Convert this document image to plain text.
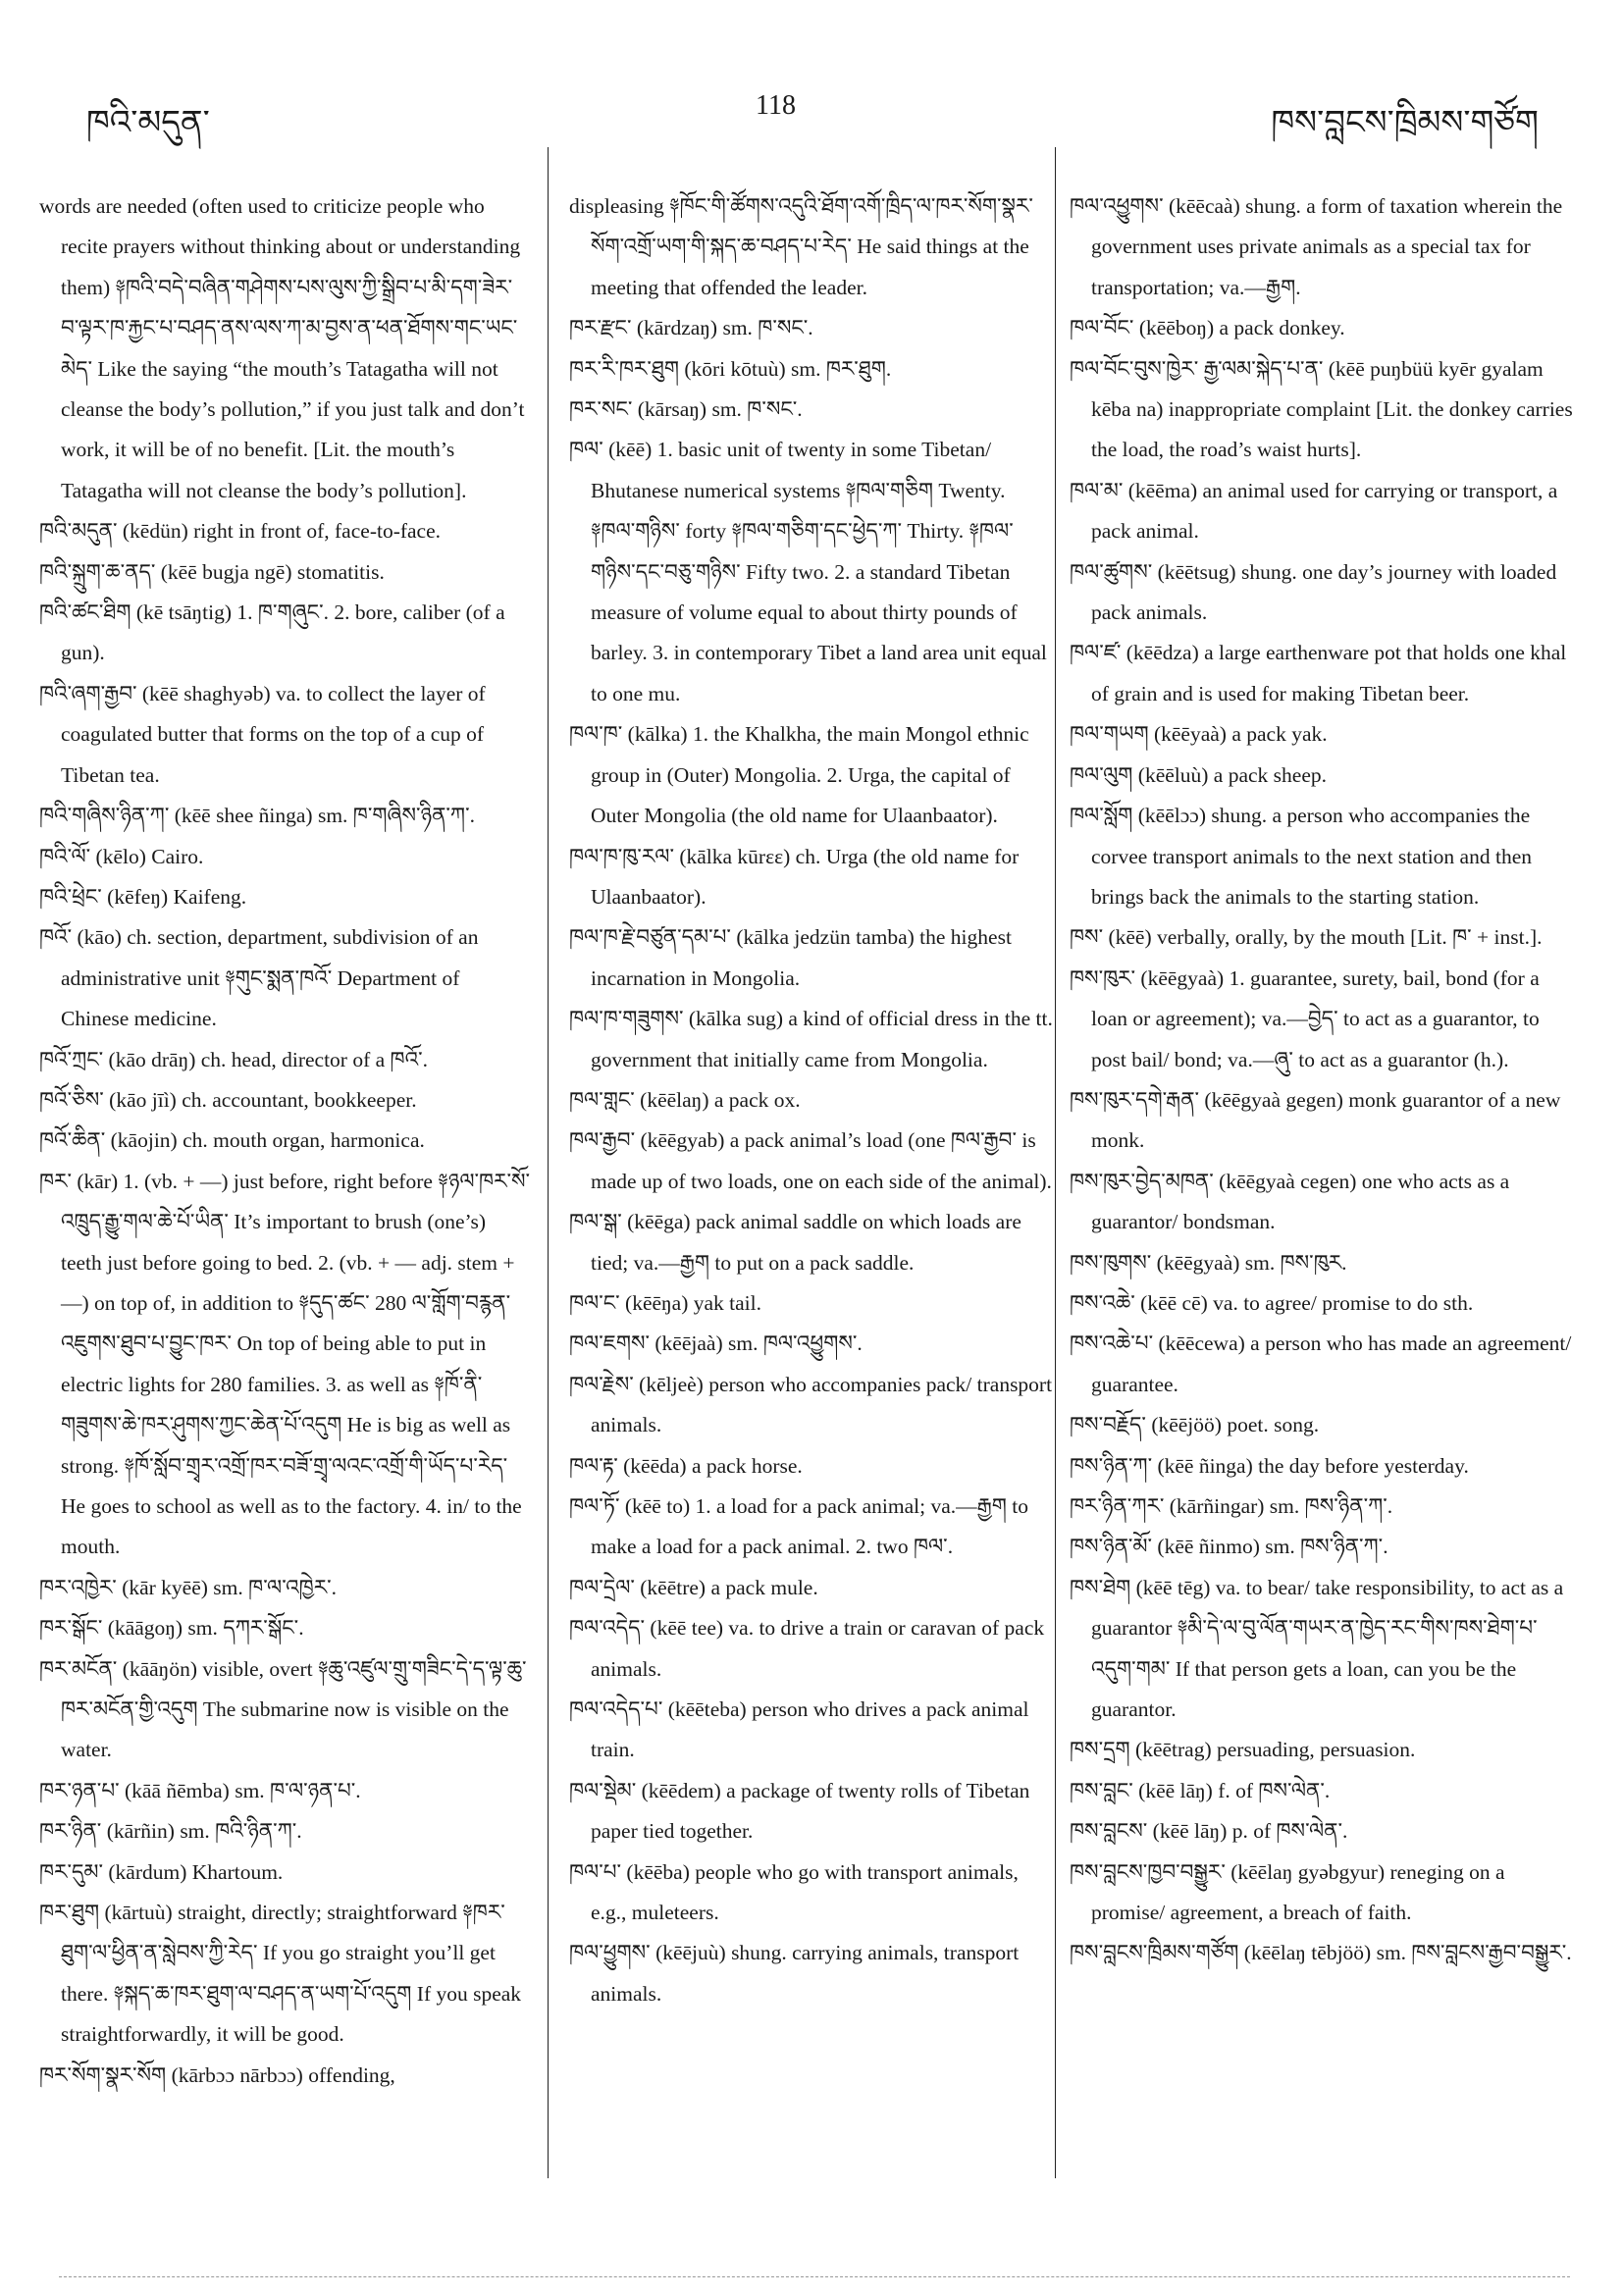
ཁའི་མདུན་	118	ཁས་བླངས་ཁྲིམས་གཙོག

words are needed (often used to criticize people who recite prayers without thinking about or understanding them) ༈ཁའི་བདེ་བཞིན་གཤེགས་པས་ལུས་ཀྱི་སྒྲིབ་པ་མི་དག་ཟེར་བ་ལྟར་ཁ་རྐྱང་པ་བཤད་ནས་ལས་ཀ་མ་བྱས་ན་ཕན་ཐོགས་གང་ཡང་མེད་ Like the saying “the mouth’s Tatagatha will not cleanse the body’s pollution,” if you just talk and don’t work, it will be of no benefit. [Lit. the mouth’s Tatagatha will not cleanse the body’s pollution].

ཁའི་མདུན་ (kēdün) right in front of, face-to-face.

ཁའི་སྐྲུག་ཆ་ནད་ (kēē bugja ngē) stomatitis.

ཁའི་ཚང་ཐིག (kē tsāŋtig) 1. ཁ་གཞུང་. 2. bore, caliber (of a gun).

ཁའི་ཞག་རྒྱབ་ (kēē shaghyəb) va. to collect the layer of coagulated butter that forms on the top of a cup of Tibetan tea.

ཁའི་གཞིས་ཉིན་ཀ་ (kēē shee ñinga) sm. ཁ་གཞིས་ཉིན་ཀ་.

ཁའི་ལོ་ (kēlo) Cairo.

ཁའི་ཕྲེང་ (kēfeŋ) Kaifeng.

ཁའོ་ (kāo) ch. section, department, subdivision of an administrative unit ༈གུང་སྨན་ཁའོ་ Department of Chinese medicine.

ཁའོ་ཀྲང་ (kāo drāŋ) ch. head, director of a ཁའོ་.

ཁའོ་ཅིས་ (kāo jīì) ch. accountant, bookkeeper.

ཁའོ་ཆིན་ (kāojin) ch. mouth organ, harmonica.

ཁར་ (kār) 1. (vb. + —) just before, right before ༈ཉལ་ཁར་སོ་འཁྲུད་རྒྱུ་གལ་ཆེ་པོ་ཡིན་ It’s important to brush (one’s) teeth just before going to bed. 2. (vb. + — adj. stem + —) on top of, in addition to ༈དུད་ཚང་ 280 ལ་གློག་བརྙན་འཇུགས་ཐུབ་པ་བྱུང་ཁར་ On top of being able to put in electric lights for 280 families. 3. as well as ༈ཁོ་ནི་གཟུགས་ཆེ་ཁར་ཤུགས་ཀྱང་ཆེན་པོ་འདུག He is big as well as strong. ༈ཁོ་སློབ་གྲྭར་འགྲོ་ཁར་བཟོ་གྲྭ་ལའང་འགྲོ་གི་ཡོད་པ་རེད་ He goes to school as well as to the factory. 4. in/ to the mouth.

ཁར་འཁྱེར་ (kār kyēē) sm. ཁ་ལ་འཁྱེར་.

ཁར་སྒོང་ (kāāgoŋ) sm. དཀར་སྒོང་.

ཁར་མངོན་ (kāāŋön) visible, overt ༈ཆུ་འཛུལ་གྲུ་གཟིང་དེ་ད་ལྟ་ཆུ་ཁར་མངོན་གྱི་འདུག The submarine now is visible on the water.

ཁར་ཉན་པ་ (kāā ñēmba) sm. ཁ་ལ་ཉན་པ་.

ཁར་ཉིན་ (kārñin) sm. ཁའི་ཉིན་ཀ་.

ཁར་དུམ་ (kārdum) Khartoum.

ཁར་ཐུག (kārtuù) straight, directly; straightforward ༈ཁར་ཐུག་ལ་ཕྱིན་ན་སླེབས་ཀྱི་རེད་ If you go straight you’ll get there. ༈སྐད་ཆ་ཁར་ཐུག་ལ་བཤད་ན་ཡག་པོ་འདུག If you speak straightforwardly, it will be good.

ཁར་སོག་སྣར་སོག (kārbɔɔ nārbɔɔ) offending,

displeasing ༈ཁོང་གི་ཚོགས་འདུའི་ཐོག་འགོ་ཁྲིད་ལ་ཁར་སོག་སྣར་སོག་འགྲོ་ཡག་གི་སྐད་ཆ་བཤད་པ་རེད་ He said things at the meeting that offended the leader.

ཁར་རྫང་ (kārdzaŋ) sm. ཁ་སང་.

ཁར་རི་ཁར་ཐུག (kōri kōtuù) sm. ཁར་ཐུག.

ཁར་སང་ (kārsaŋ) sm. ཁ་སང་.

ཁལ་ (kēē) 1. basic unit of twenty in some Tibetan/ Bhutanese numerical systems ༈ཁལ་གཅིག Twenty. ༈ཁལ་གཉིས་ forty ༈ཁལ་གཅིག་དང་ཕྱེད་ཀ་ Thirty. ༈ཁལ་གཉིས་དང་བཅུ་གཉིས་ Fifty two. 2. a standard Tibetan measure of volume equal to about thirty pounds of barley. 3. in contemporary Tibet a land area unit equal to one mu.

ཁལ་ཁ་ (kālka) 1. the Khalkha, the main Mongol ethnic group in (Outer) Mongolia. 2. Urga, the capital of Outer Mongolia (the old name for Ulaanbaator).

ཁལ་ཁ་ཁུ་རལ་ (kālka kūrεε) ch. Urga (the old name for Ulaanbaator).

ཁལ་ཁ་རྗེ་བཙུན་དམ་པ་ (kālka jedzün tamba) the highest incarnation in Mongolia.

ཁལ་ཁ་གཟུགས་ (kālka sug) a kind of official dress in the tt. government that initially came from Mongolia.

ཁལ་གླང་ (kēēlaŋ) a pack ox.

ཁལ་རྒྱབ་ (kēēgyab) a pack animal’s load (one ཁལ་རྒྱབ་ is made up of two loads, one on each side of the animal).

ཁལ་སྒ་ (kēēga) pack animal saddle on which loads are tied; va.—རྒྱག to put on a pack saddle.

ཁལ་ང་ (kēēŋa) yak tail.

ཁལ་ཇགས་ (kēējaà) sm. ཁལ་འཕྱུགས་.

ཁལ་རྗེས་ (kēljeè) person who accompanies pack/ transport animals.

ཁལ་རྟ་ (kēēda) a pack horse.

ཁལ་ཏོ་ (kēē to) 1. a load for a pack animal; va.—རྒྱག to make a load for a pack animal. 2. two ཁལ་.

ཁལ་དྲེལ་ (kēētre) a pack mule.

ཁལ་འདེད་ (kēē tee) va. to drive a train or caravan of pack animals.

ཁལ་འདེད་པ་ (kēēteba) person who drives a pack animal train.

ཁལ་སྡེམ་ (kēēdem) a package of twenty rolls of Tibetan paper tied together.

ཁལ་པ་ (kēēba) people who go with transport animals, e.g., muleteers.

ཁལ་ཕྱུགས་ (kēējuù) shung. carrying animals, transport animals.

ཁལ་འཕྱུགས་ (kēēcaà) shung. a form of taxation wherein the government uses private animals as a special tax for transportation; va.—རྒྱག.

ཁལ་བོང་ (kēēboŋ) a pack donkey.

ཁལ་བོང་བུས་ཁྱེར་ རྒྱ་ལམ་སྐེད་པ་ན་ (kēē puŋbüü kyēr gyalam kēba na) inappropriate complaint [Lit. the donkey carries the load, the road’s waist hurts].

ཁལ་མ་ (kēēma) an animal used for carrying or transport, a pack animal.

ཁལ་ཚུགས་ (kēētsug) shung. one day’s journey with loaded pack animals.

ཁལ་ཛ་ (kēēdza) a large earthenware pot that holds one khal of grain and is used for making Tibetan beer.

ཁལ་གཡག (kēēyaà) a pack yak.

ཁལ་ལུག (kēēluù) a pack sheep.

ཁལ་སློག (kēēlɔɔ) shung. a person who accompanies the corvee transport animals to the next station and then brings back the animals to the starting station.

ཁས་ (kēē) verbally, orally, by the mouth [Lit. ཁ་ + inst.].

ཁས་ཁུར་ (kēēgyaà) 1. guarantee, surety, bail, bond (for a loan or agreement); va.—བྱེད་ to act as a guarantor, to post bail/ bond; va.—ཞུ་ to act as a guarantor (h.).

ཁས་ཁུར་དགེ་རྒན་ (kēēgyaà gegen) monk guarantor of a new monk.

ཁས་ཁུར་བྱེད་མཁན་ (kēēgyaà cegen) one who acts as a guarantor/ bondsman.

ཁས་ཁུགས་ (kēēgyaà) sm. ཁས་ཁུར.

ཁས་འཆེ་ (kēē cē) va. to agree/ promise to do sth.

ཁས་འཆེ་པ་ (kēēcewa) a person who has made an agreement/ guarantee.

ཁས་བརྗོད་ (kēējöö) poet. song.

ཁས་ཉིན་ཀ་ (kēē ñinga) the day before yesterday.

ཁར་ཉིན་ཀར་ (kārñingar) sm. ཁས་ཉིན་ཀ་.

ཁས་ཉིན་མོ་ (kēē ñinmo) sm. ཁས་ཉིན་ཀ་.

ཁས་ཐེག (kēē tēg) va. to bear/ take responsibility, to act as a guarantor ༈མི་དེ་ལ་བུ་ལོན་གཡར་ན་ཁྱེད་རང་གིས་ཁས་ཐེག་པ་འདུག་གམ་ If that person gets a loan, can you be the guarantor.

ཁས་དྲག (kēētrag) persuading, persuasion.

ཁས་བླང་ (kēē lāŋ) f. of ཁས་ལེན་.

ཁས་བླངས་ (kēē lāŋ) p. of ཁས་ལེན་.

ཁས་བླངས་ཁྱབ་བསྒྱུར་ (kēēlaŋ gyəbgyur) reneging on a promise/ agreement, a breach of faith.

ཁས་བླངས་ཁྲིམས་གཙོག (kēēlaŋ tēbjöö) sm. ཁས་བླངས་རྒྱབ་བསྒྱུར་.
